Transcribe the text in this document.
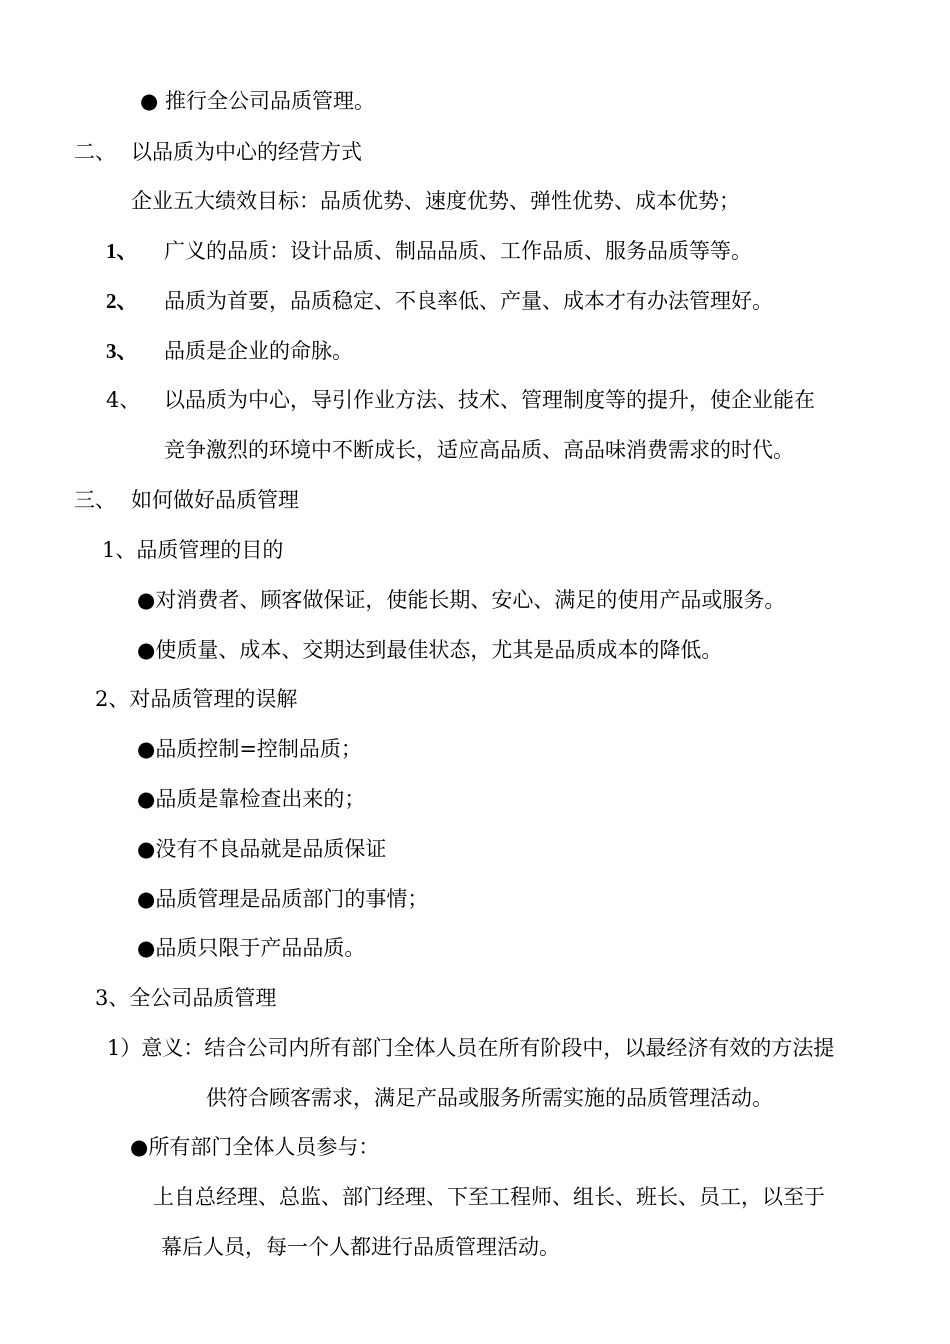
● 推行全公司品质管理。
二、 以品质为中心的经营方式
企业五大绩效目标：品质优势、速度优势、弹性优势、成本优势；
1、 广义的品质：设计品质、制品品质、工作品质、服务品质等等。
2、 品质为首要，品质稳定、不良率低、产量、成本才有办法管理好。
3、 品质是企业的命脉。
4、 以品质为中心，导引作业方法、技术、管理制度等的提升，使企业能在
竞争激烈的环境中不断成长，适应高品质、高品味消费需求的时代。
三、 如何做好品质管理
1、品质管理的目的
●对消费者、顾客做保证，使能长期、安心、满足的使用产品或服务。
●使质量、成本、交期达到最佳状态，尤其是品质成本的降低。
2、对品质管理的误解
●品质控制=控制品质；
●品质是靠检查出来的；
●没有不良品就是品质保证
●品质管理是品质部门的事情；
●品质只限于产品品质。
3、全公司品质管理
1）意义：结合公司内所有部门全体人员在所有阶段中，以最经济有效的方法提
供符合顾客需求，满足产品或服务所需实施的品质管理活动。
●所有部门全体人员参与：
上自总经理、总监、部门经理、下至工程师、组长、班长、员工，以至于
幕后人员，每一个人都进行品质管理活动。
